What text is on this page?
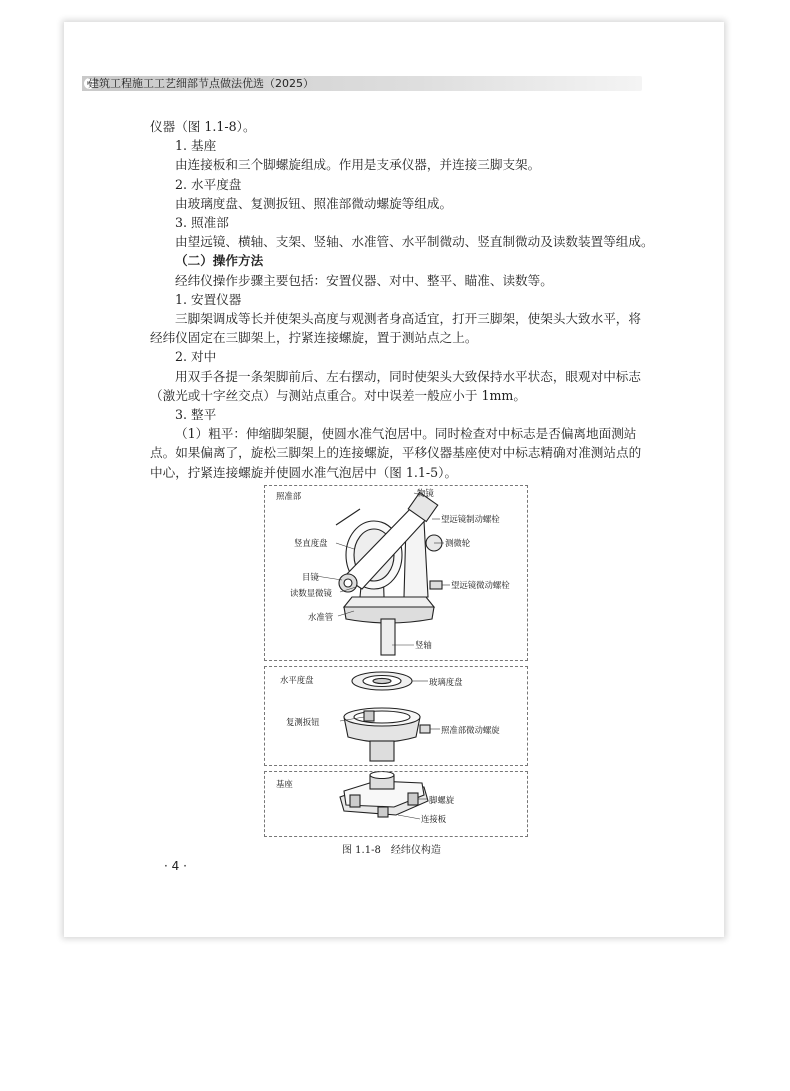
建筑工程施工工艺细部节点做法优选（2025）
仪器（图 1.1-8）。
1. 基座
由连接板和三个脚螺旋组成。作用是支承仪器，并连接三脚支架。
2. 水平度盘
由玻璃度盘、复测扳钮、照准部微动螺旋等组成。
3. 照准部
由望远镜、横轴、支架、竖轴、水准管、水平制微动、竖直制微动及读数装置等组成。
（二）操作方法
经纬仪操作步骤主要包括：安置仪器、对中、整平、瞄准、读数等。
1. 安置仪器
三脚架调成等长并使架头高度与观测者身高适宜，打开三脚架，使架头大致水平，将
经纬仪固定在三脚架上，拧紧连接螺旋，置于测站点之上。
2. 对中
用双手各提一条架脚前后、左右摆动，同时使架头大致保持水平状态，眼观对中标志
（激光或十字丝交点）与测站点重合。对中误差一般应小于 1mm。
3. 整平
（1）粗平：伸缩脚架腿，使圆水准气泡居中。同时检查对中标志是否偏离地面测站
点。如果偏离了，旋松三脚架上的连接螺旋，平移仪器基座使对中标志精确对准测站点的
中心，拧紧连接螺旋并使圆水准气泡居中（图 1.1-5）。
照准部	物镜
望远镜制动螺栓
测微轮
望远镜微动螺栓
竖轴
竖直度盘
目镜
读数显微镜
水准管
水平度盘	玻璃度盘
照准部微动螺旋
复测扳钮
基座
脚螺旋
连接板
图 1.1-8　经纬仪构造
· 4 ·
